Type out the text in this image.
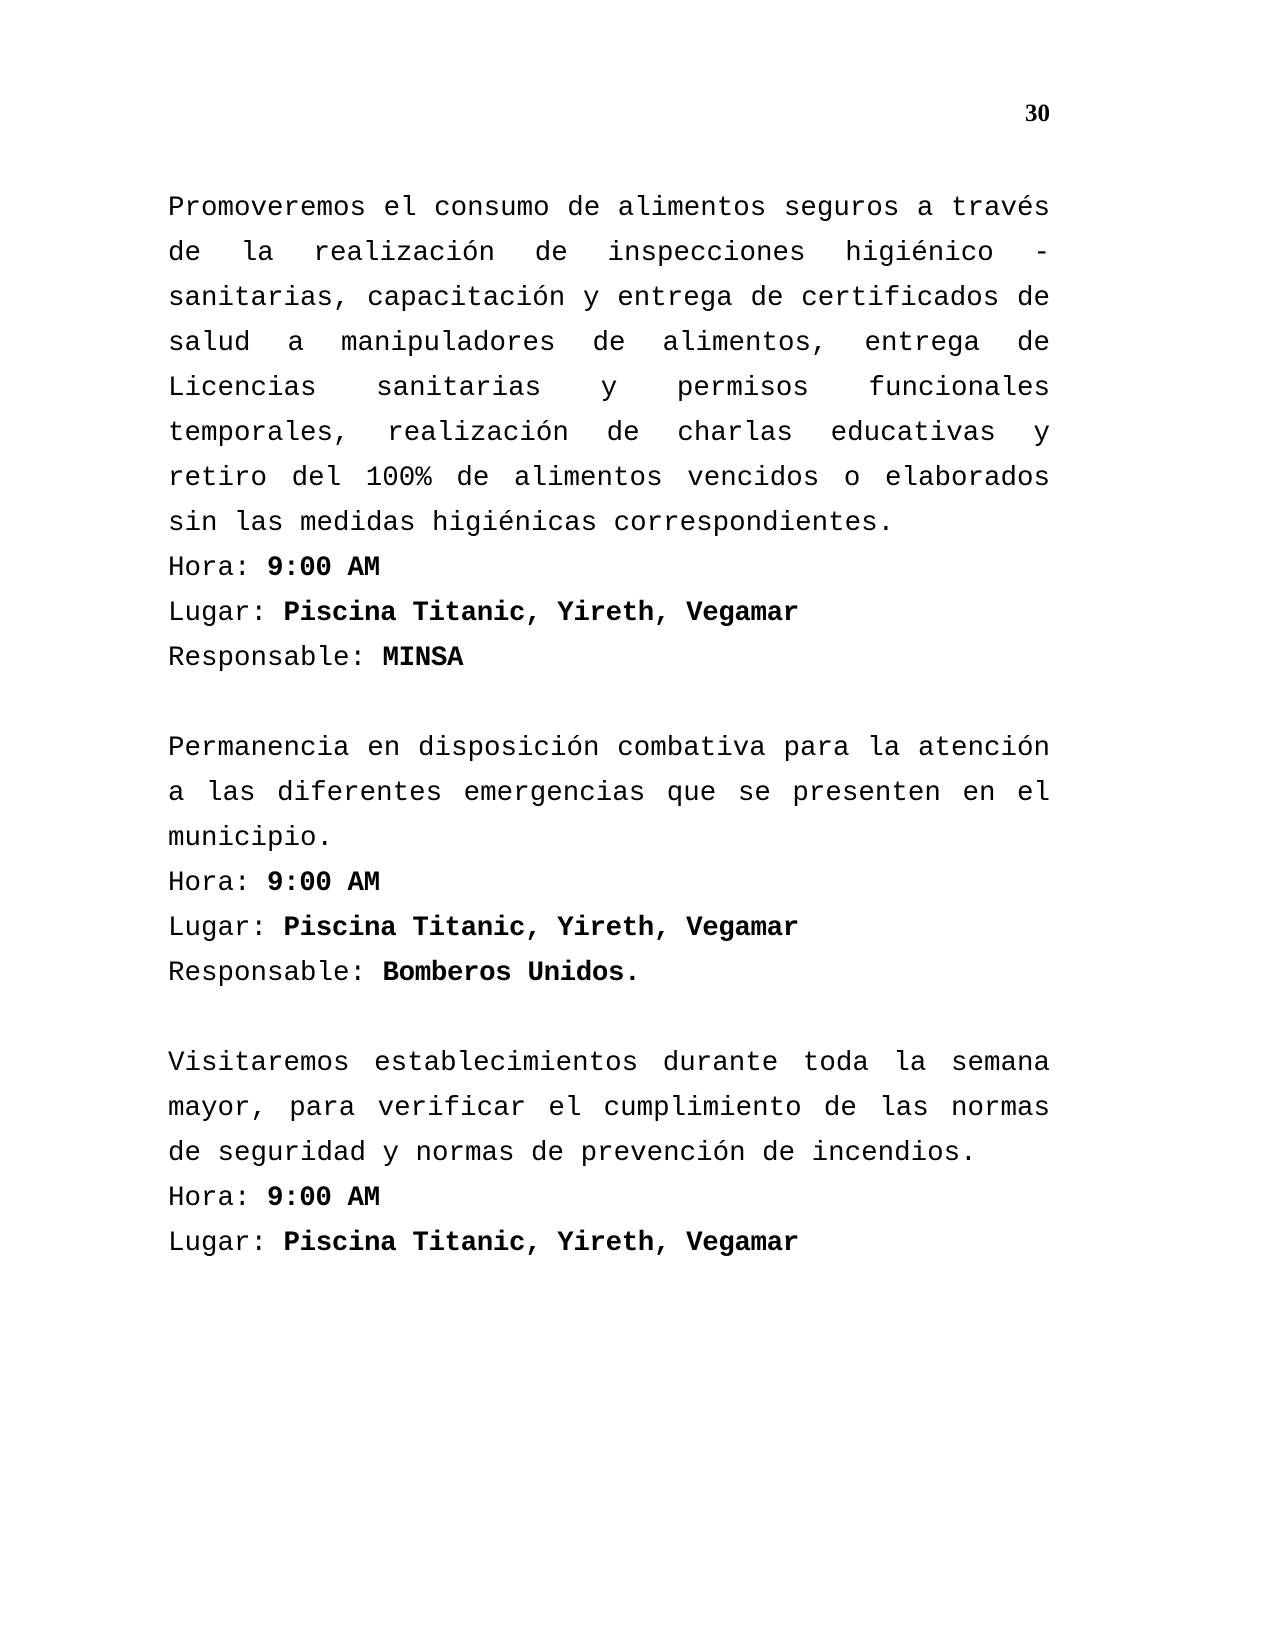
30

Promoveremos el consumo de alimentos seguros a través de la realización de inspecciones higiénico - sanitarias, capacitación y entrega de certificados de salud a manipuladores de alimentos, entrega de Licencias sanitarias y permisos funcionales temporales, realización de charlas educativas y retiro del 100% de alimentos vencidos o elaborados sin las medidas higiénicas correspondientes.

Hora: 9:00 AM

Lugar: Piscina Titanic, Yireth, Vegamar

Responsable: MINSA

Permanencia en disposición combativa para la atención a las diferentes emergencias que se presenten en el municipio.

Hora: 9:00 AM

Lugar: Piscina Titanic, Yireth, Vegamar

Responsable: Bomberos Unidos.

Visitaremos establecimientos durante toda la semana mayor, para verificar el cumplimiento de las normas de seguridad y normas de prevención de incendios.

Hora: 9:00 AM

Lugar: Piscina Titanic, Yireth, Vegamar
